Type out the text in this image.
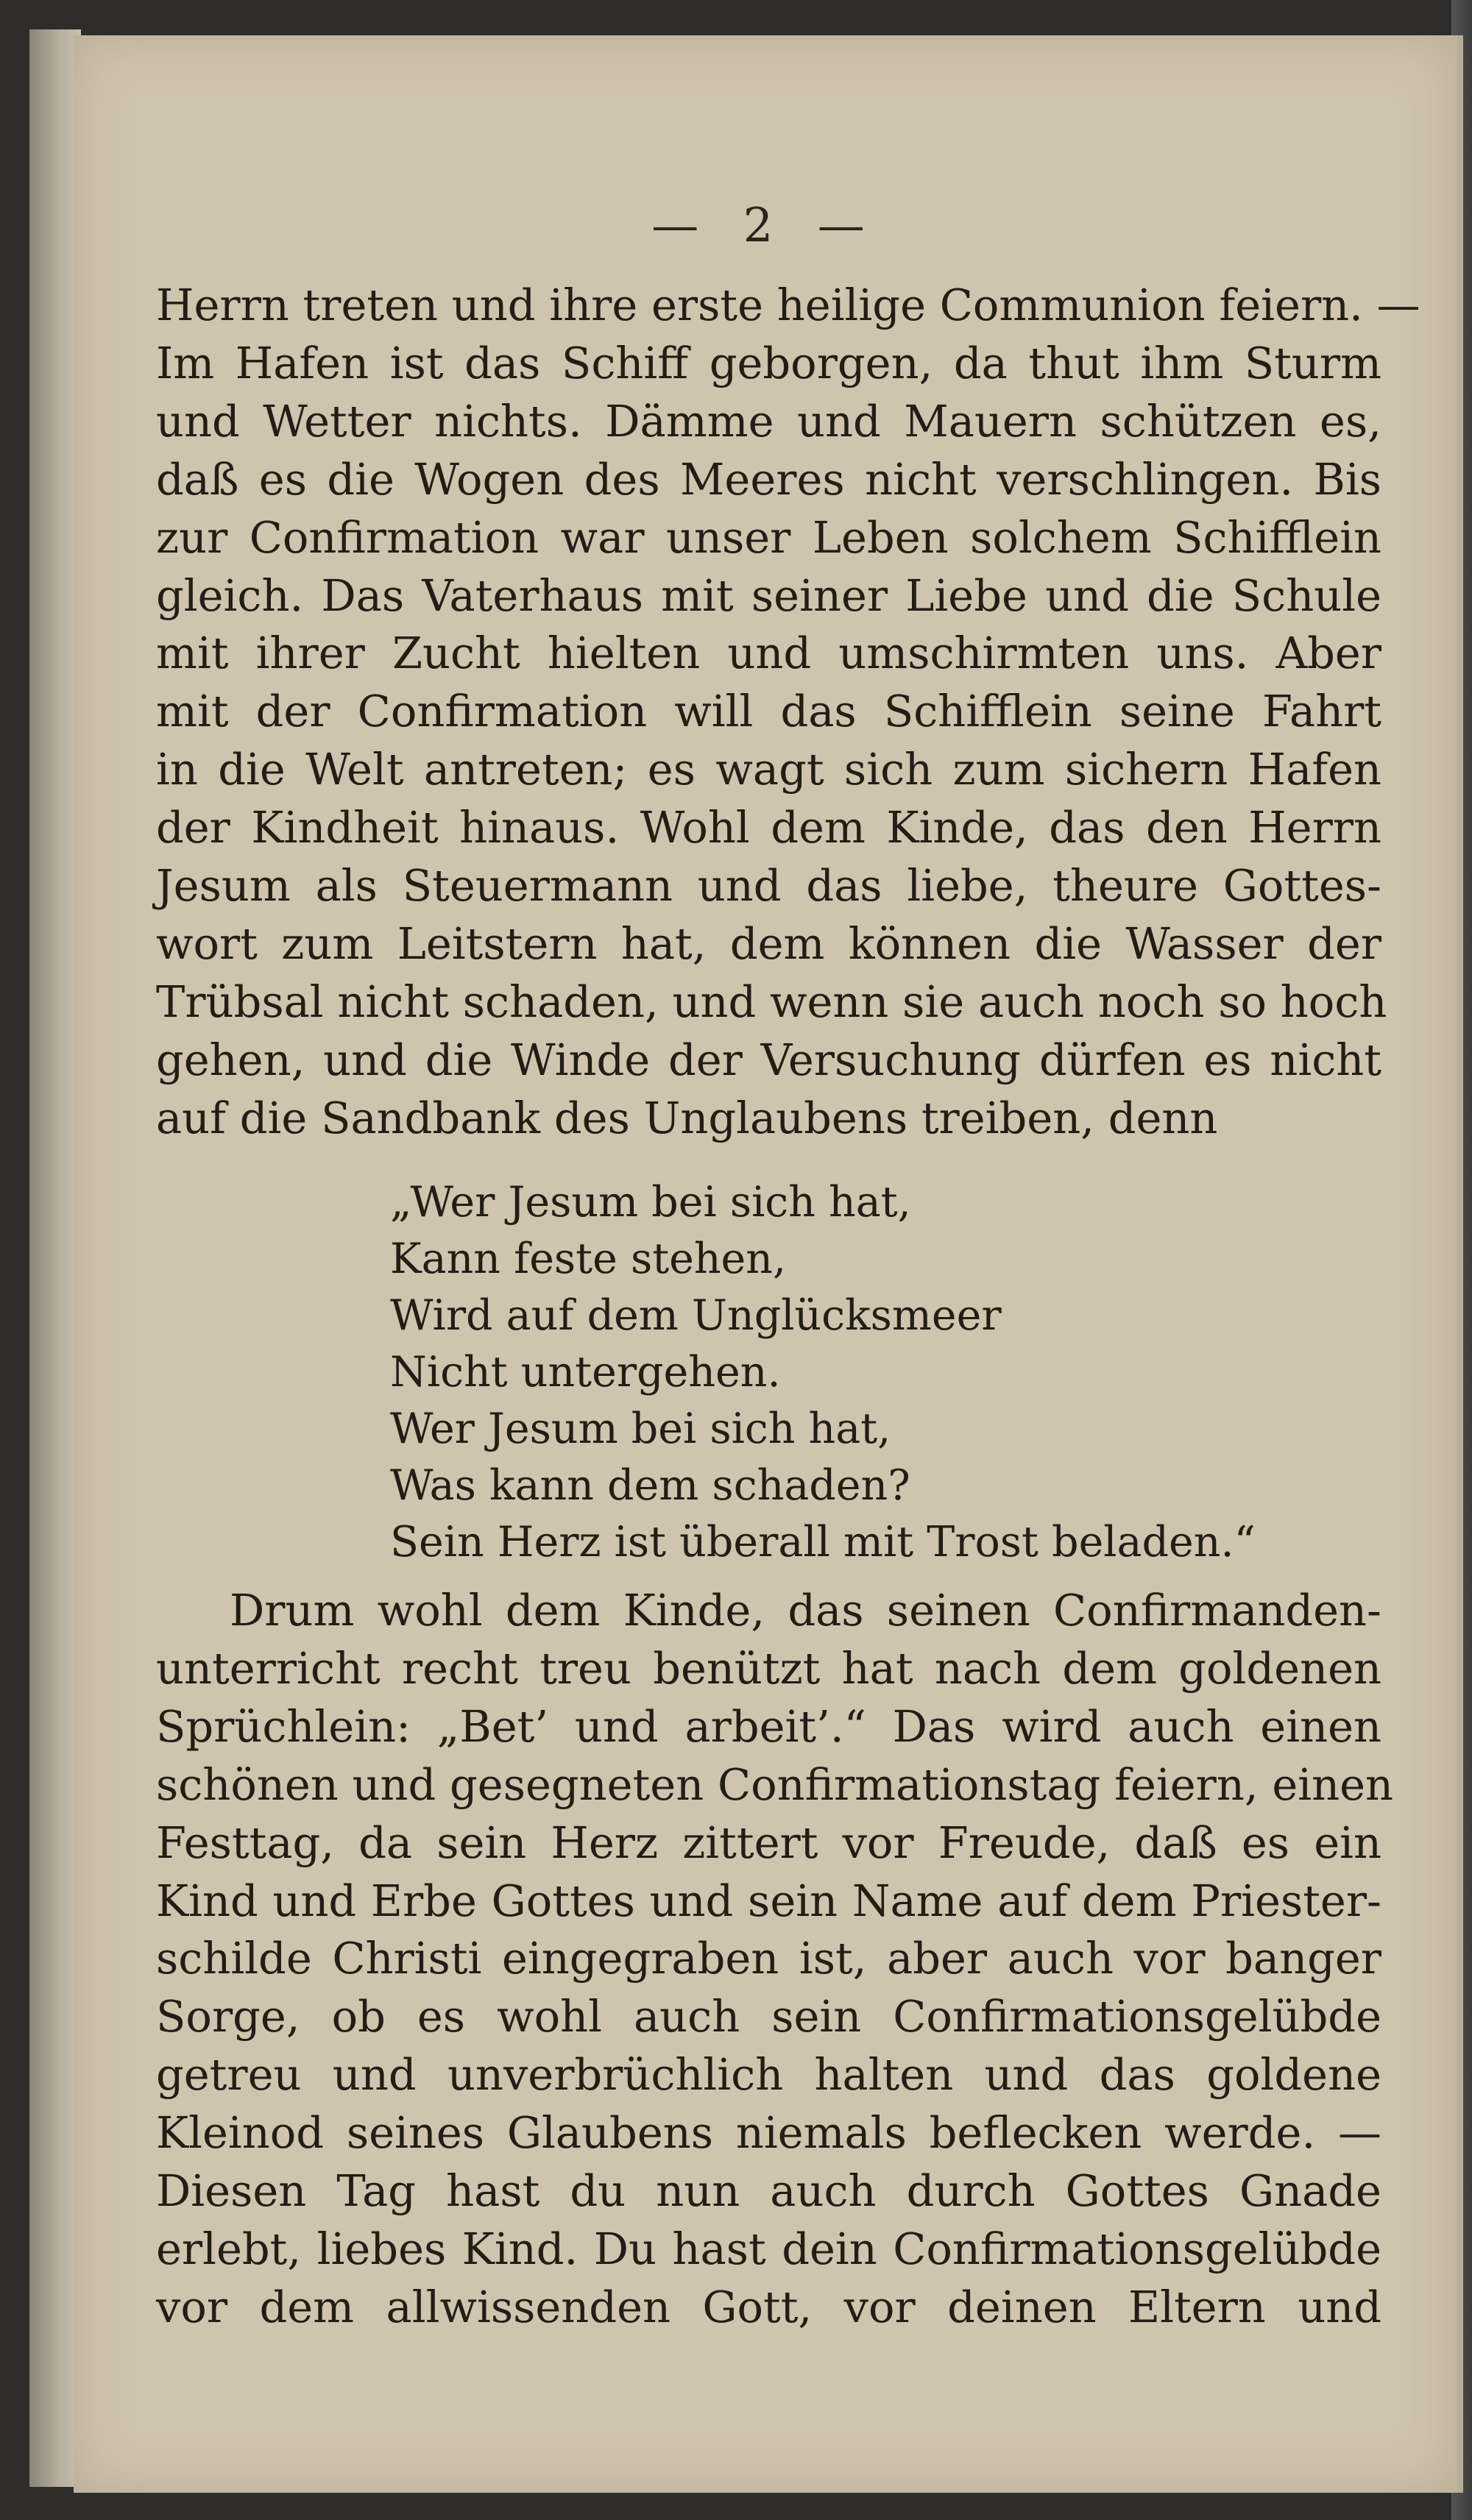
— 2 —
Herrn treten und ihre erste heilige Communion feiern. —
Im Hafen ist das Schiff geborgen, da thut ihm Sturm
und Wetter nichts. Dämme und Mauern schützen es,
daß es die Wogen des Meeres nicht verschlingen. Bis
zur Confirmation war unser Leben solchem Schifflein
gleich. Das Vaterhaus mit seiner Liebe und die Schule
mit ihrer Zucht hielten und umschirmten uns. Aber
mit der Confirmation will das Schifflein seine Fahrt
in die Welt antreten; es wagt sich zum sichern Hafen
der Kindheit hinaus. Wohl dem Kinde, das den Herrn
Jesum als Steuermann und das liebe, theure Gottes-
wort zum Leitstern hat, dem können die Wasser der
Trübsal nicht schaden, und wenn sie auch noch so hoch
gehen, und die Winde der Versuchung dürfen es nicht
auf die Sandbank des Unglaubens treiben, denn
„Wer Jesum bei sich hat,
Kann feste stehen,
Wird auf dem Unglücksmeer
Nicht untergehen.
Wer Jesum bei sich hat,
Was kann dem schaden?
Sein Herz ist überall mit Trost beladen.“
Drum wohl dem Kinde, das seinen Confirmanden-
unterricht recht treu benützt hat nach dem goldenen
Sprüchlein: „Bet’ und arbeit’.“ Das wird auch einen
schönen und gesegneten Confirmationstag feiern, einen
Festtag, da sein Herz zittert vor Freude, daß es ein
Kind und Erbe Gottes und sein Name auf dem Priester-
schilde Christi eingegraben ist, aber auch vor banger
Sorge, ob es wohl auch sein Confirmationsgelübde
getreu und unverbrüchlich halten und das goldene
Kleinod seines Glaubens niemals beflecken werde. —
Diesen Tag hast du nun auch durch Gottes Gnade
erlebt, liebes Kind. Du hast dein Confirmationsgelübde
vor dem allwissenden Gott, vor deinen Eltern und
